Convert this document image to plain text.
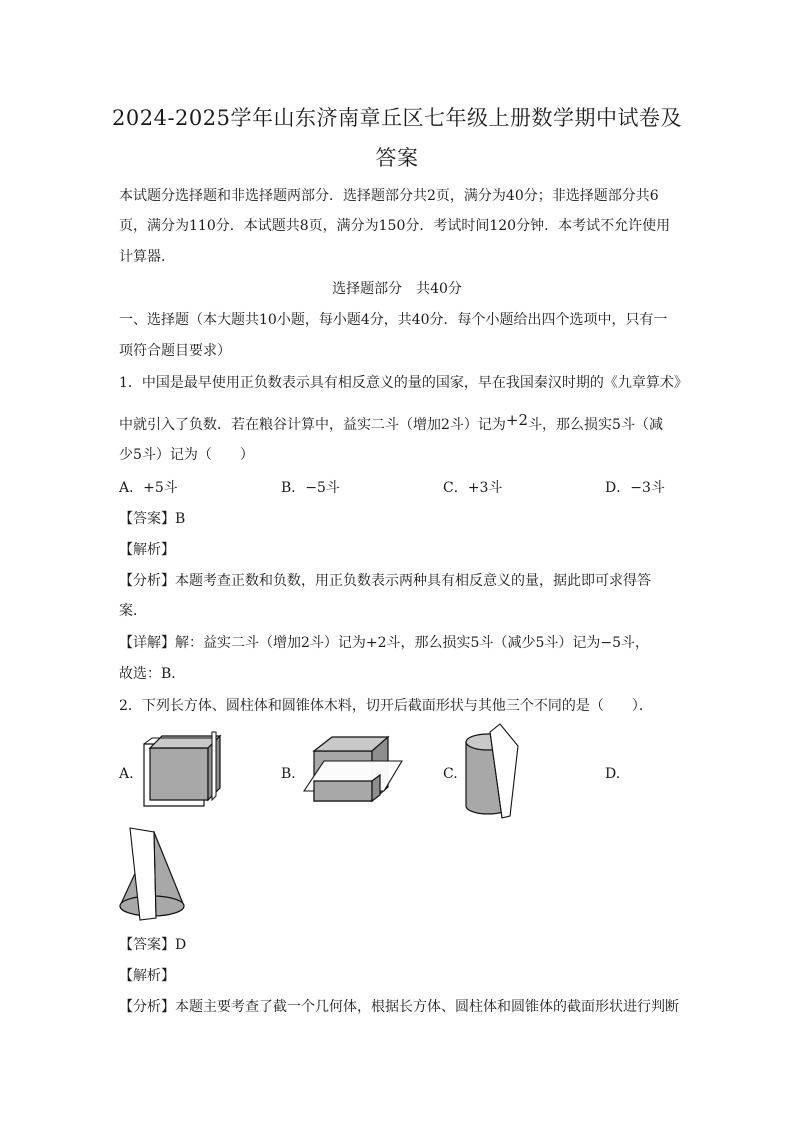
2024-2025学年山东济南章丘区七年级上册数学期中试卷及
答案
本试题分选择题和非选择题两部分．选择题部分共2页，满分为40分；非选择题部分共6
页，满分为110分．本试题共8页，满分为150分．考试时间120分钟．本考试不允许使用
计算器．
选择题部分　共40分
一、选择题（本大题共10小题，每小题4分，共40分．每个小题给出四个选项中，只有一
项符合题目要求）
1．中国是最早使用正负数表示具有相反意义的量的国家，早在我国秦汉时期的《九章算术》
中就引入了负数．若在粮谷计算中，益实二斗（增加2斗）记为$^{+2}$斗，那么损实5斗（减
少5斗）记为（　　）
A．+5斗	B．−5斗	C．+3斗	D．−3斗
【答案】B
【解析】
【分析】本题考查正数和负数，用正负数表示两种具有相反意义的量，据此即可求得答
案．
【详解】解：益实二斗（增加2斗）记为+2斗，那么损实5斗（减少5斗）记为−5斗，
故选：B．
2．下列长方体、圆柱体和圆锥体木料，切开后截面形状与其他三个不同的是（　　）．
A.	B.	C.	D.
【答案】D
【解析】
【分析】本题主要考查了截一个几何体，根据长方体、圆柱体和圆锥体的截面形状进行判断
